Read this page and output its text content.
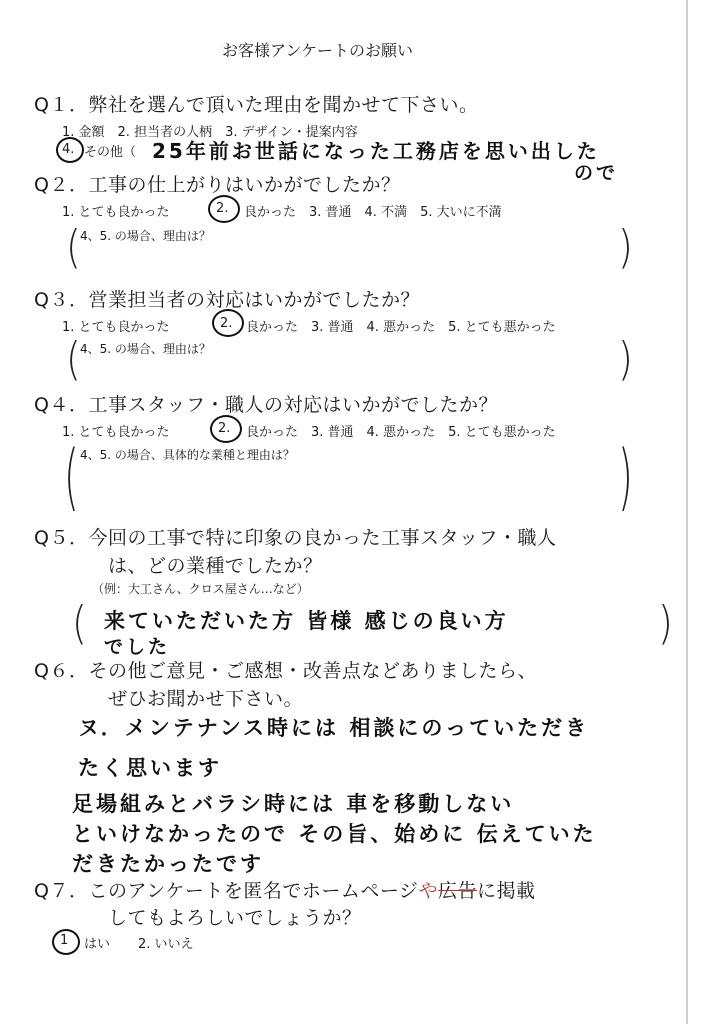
お客様アンケートのお願い
Q１．弊社を選んで頂いた理由を聞かせて下さい。
1. 金額　2. 担当者の人柄　3. デザイン・提案内容
4. その他（ 25年前お世話になった工務店を思い出した
ので
Q２．工事の仕上がりはいかがでしたか？
1. とても良かった	2. 良かった　3. 普通　4. 不満　5. 大いに不満
( 4、5. の場合、理由は？	)
Q３．営業担当者の対応はいかがでしたか？
1. とても良かった	2. 良かった　3. 普通　4. 悪かった　5. とても悪かった
( 4、5. の場合、理由は？	)
Q４．工事スタッフ・職人の対応はいかがでしたか？
1. とても良かった	2. 良かった　3. 普通　4. 悪かった　5. とても悪かった
( 4、5. の場合、具体的な業種と理由は？	)
Q５．今回の工事で特に印象の良かった工事スタッフ・職人
は、どの業種でしたか？
（例：大工さん、クロス屋さん…など）
( 来ていただいた方 皆様 感じの良い方
でした	)
Q６．その他ご意見・ご感想・改善点などありましたら、
ぜひお聞かせ下さい。
ヌ．メンテナンス時には 相談にのっていただき
たく思います
足場組みとバラシ時には 車を移動しない
といけなかったので その旨、始めに 伝えていた
だきたかったです
Q７．このアンケートを匿名でホームページや広告に掲載
してもよろしいでしょうか？
1 はい 2. いいえ
